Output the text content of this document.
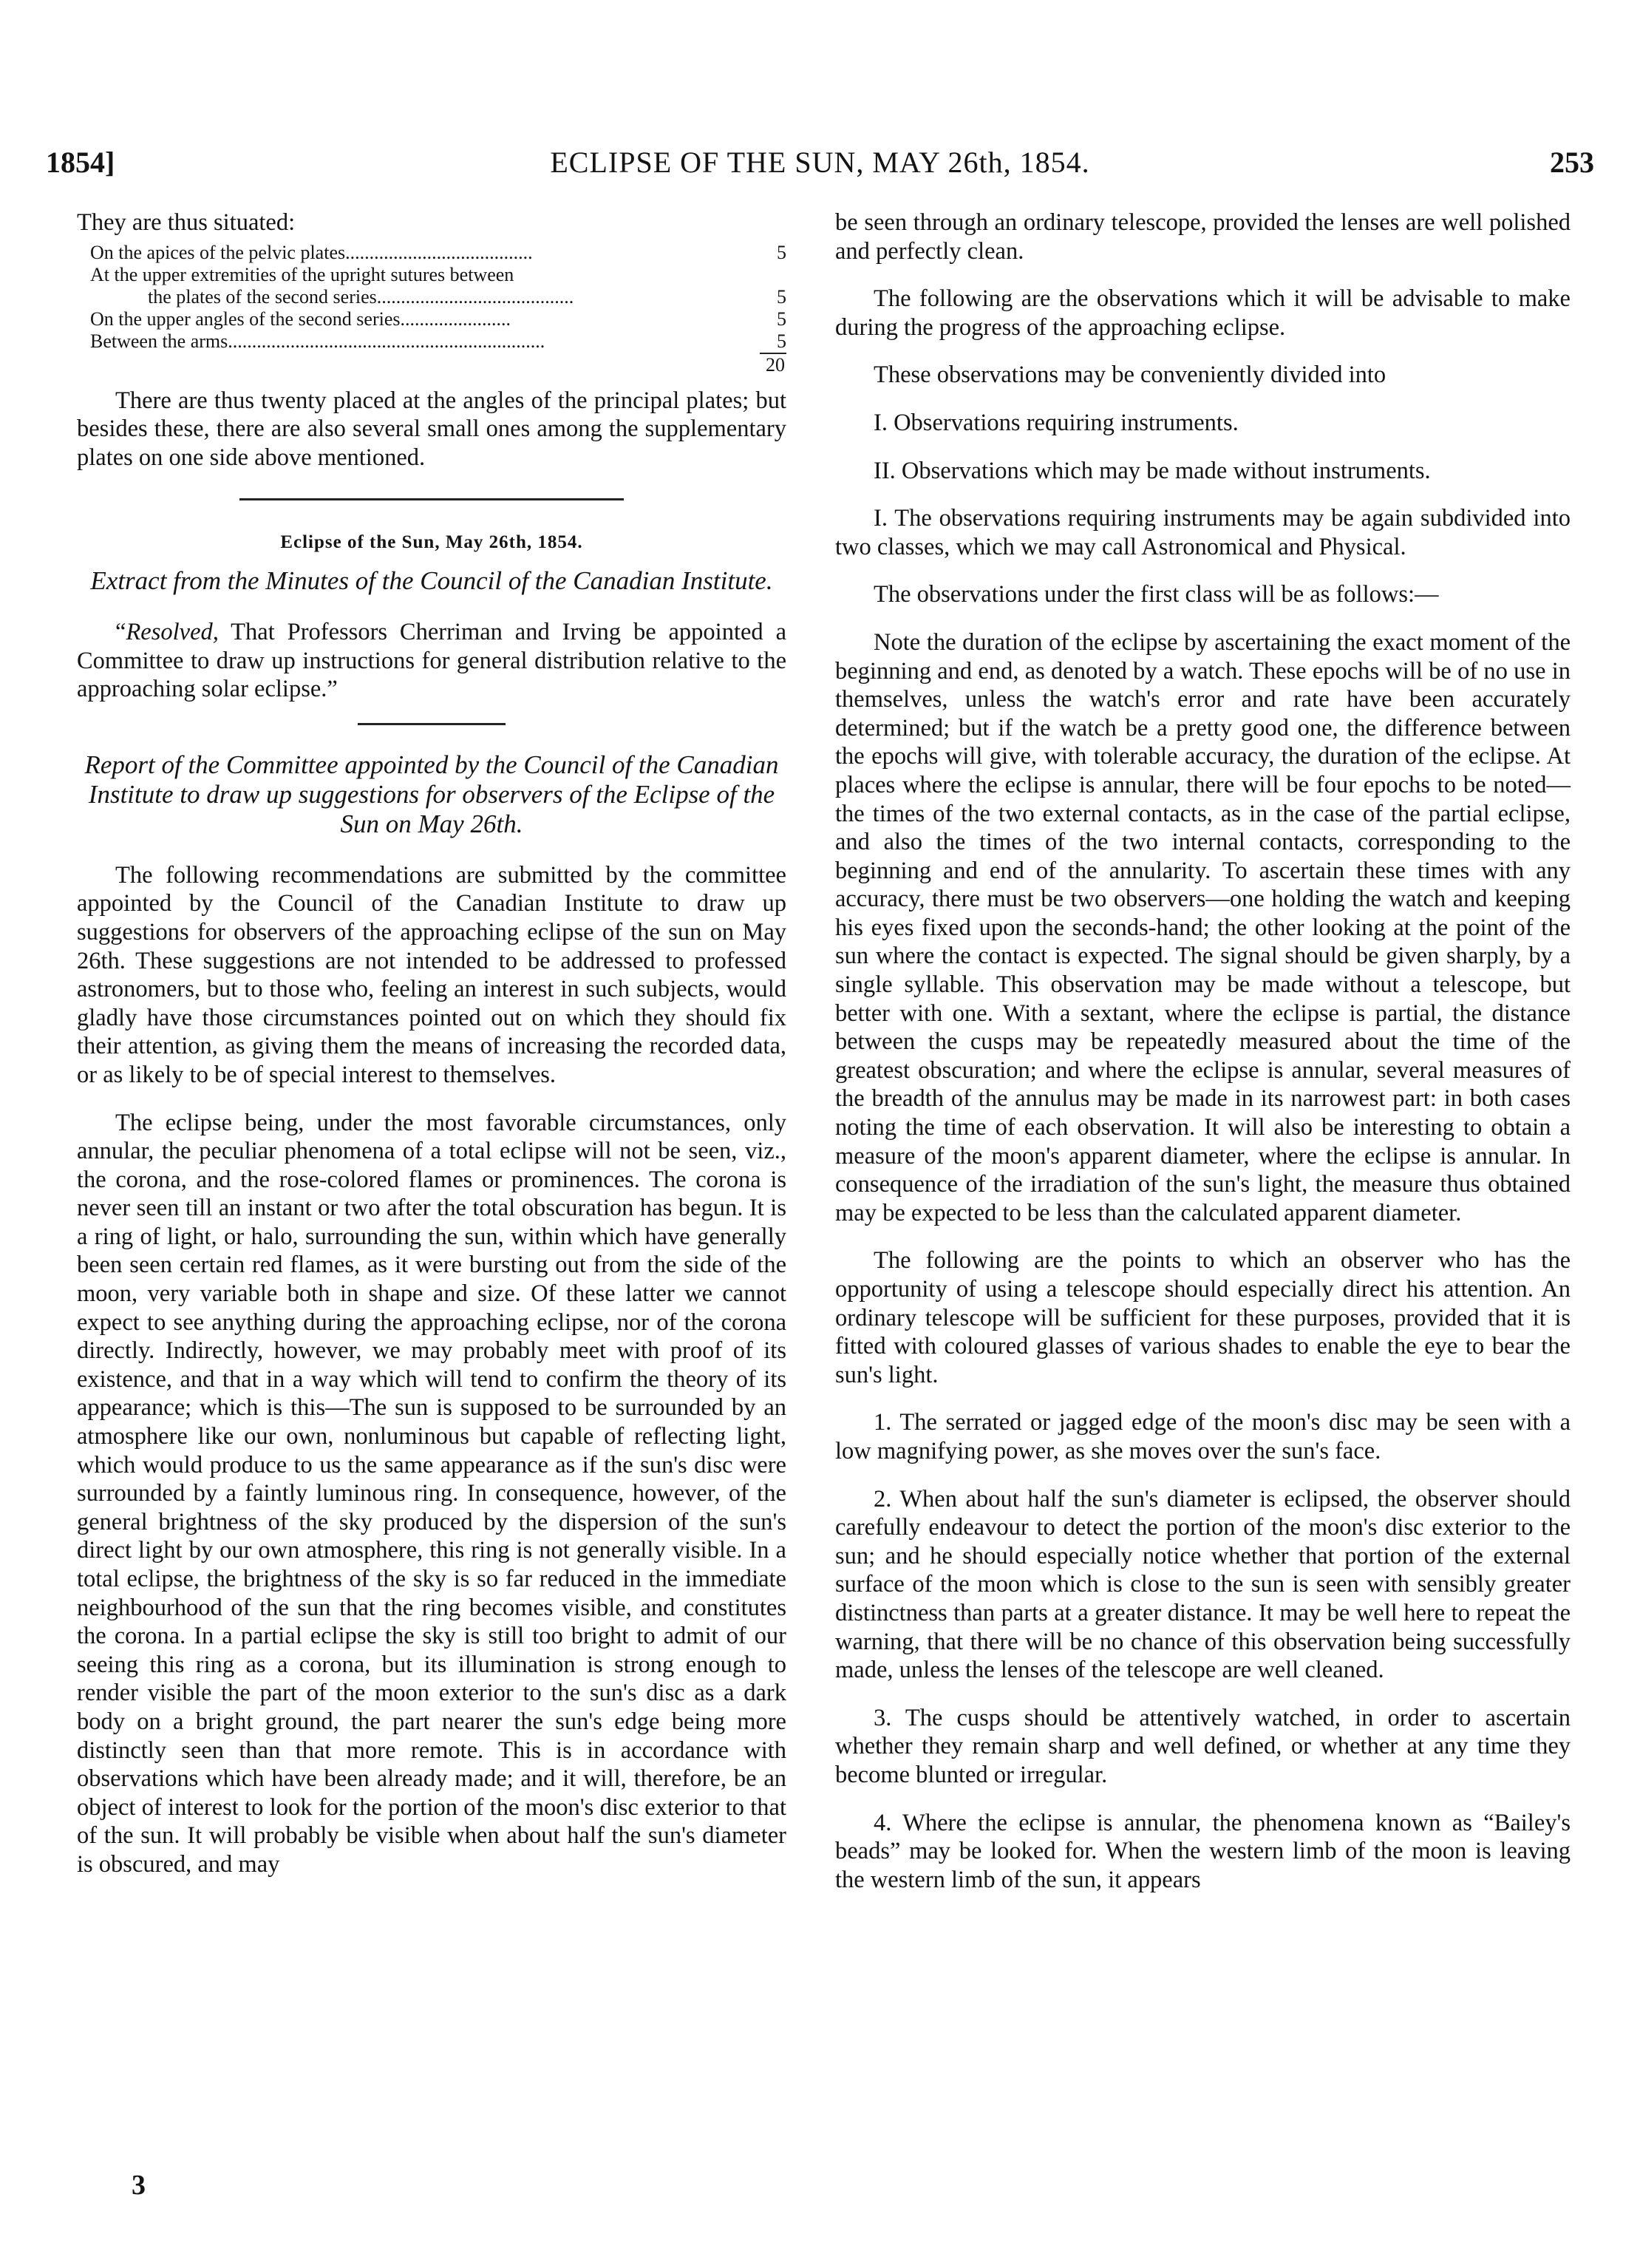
1854]	ECLIPSE OF THE SUN, MAY 26th, 1854.	253
They are thus situated:
On the apices of the pelvic plates.......................................	5
At the upper extremities of the upright sutures between
the plates of the second series.........................................	5
On the upper angles of the second series.......................	5
Between the arms..................................................................	5
20

There are thus twenty placed at the angles of the principal plates; but besides these, there are also several small ones among the supplementary plates on one side above mentioned.

Eclipse of the Sun, May 26th, 1854.
Extract from the Minutes of the Council of the Canadian Institute.

“Resolved, That Professors Cherriman and Irving be appointed a Committee to draw up instructions for general distribution relative to the approaching solar eclipse.”

Report of the Committee appointed by the Council of the Canadian Institute to draw up suggestions for observers of the Eclipse of the Sun on May 26th.

The following recommendations are submitted by the committee appointed by the Council of the Canadian Institute to draw up suggestions for observers of the approaching eclipse of the sun on May 26th. These suggestions are not intended to be addressed to professed astronomers, but to those who, feeling an interest in such subjects, would gladly have those circumstances pointed out on which they should fix their attention, as giving them the means of increasing the recorded data, or as likely to be of special interest to themselves.

The eclipse being, under the most favorable circumstances, only annular, the peculiar phenomena of a total eclipse will not be seen, viz., the corona, and the rose-colored flames or prominences. The corona is never seen till an instant or two after the total obscuration has begun. It is a ring of light, or halo, surrounding the sun, within which have generally been seen certain red flames, as it were bursting out from the side of the moon, very variable both in shape and size. Of these latter we cannot expect to see anything during the approaching eclipse, nor of the corona directly. Indirectly, however, we may probably meet with proof of its existence, and that in a way which will tend to confirm the theory of its appearance; which is this—The sun is supposed to be surrounded by an atmosphere like our own, nonluminous but capable of reflecting light, which would produce to us the same appearance as if the sun's disc were surrounded by a faintly luminous ring. In consequence, however, of the general brightness of the sky produced by the dispersion of the sun's direct light by our own atmosphere, this ring is not generally visible. In a total eclipse, the brightness of the sky is so far reduced in the immediate neighbourhood of the sun that the ring becomes visible, and constitutes the corona. In a partial eclipse the sky is still too bright to admit of our seeing this ring as a corona, but its illumination is strong enough to render visible the part of the moon exterior to the sun's disc as a dark body on a bright ground, the part nearer the sun's edge being more distinctly seen than that more remote. This is in accordance with observations which have been already made; and it will, therefore, be an object of interest to look for the portion of the moon's disc exterior to that of the sun. It will probably be visible when about half the sun's diameter is obscured, and may

be seen through an ordinary telescope, provided the lenses are well polished and perfectly clean.

The following are the observations which it will be advisable to make during the progress of the approaching eclipse.

These observations may be conveniently divided into

I. Observations requiring instruments.

II. Observations which may be made without instruments.

I. The observations requiring instruments may be again subdivided into two classes, which we may call Astronomical and Physical.

The observations under the first class will be as follows:—

Note the duration of the eclipse by ascertaining the exact moment of the beginning and end, as denoted by a watch. These epochs will be of no use in themselves, unless the watch's error and rate have been accurately determined; but if the watch be a pretty good one, the difference between the epochs will give, with tolerable accuracy, the duration of the eclipse. At places where the eclipse is annular, there will be four epochs to be noted—the times of the two external contacts, as in the case of the partial eclipse, and also the times of the two internal contacts, corresponding to the beginning and end of the annularity. To ascertain these times with any accuracy, there must be two observers—one holding the watch and keeping his eyes fixed upon the seconds-hand; the other looking at the point of the sun where the contact is expected. The signal should be given sharply, by a single syllable. This observation may be made without a telescope, but better with one. With a sextant, where the eclipse is partial, the distance between the cusps may be repeatedly measured about the time of the greatest obscuration; and where the eclipse is annular, several measures of the breadth of the annulus may be made in its narrowest part: in both cases noting the time of each observation. It will also be interesting to obtain a measure of the moon's apparent diameter, where the eclipse is annular. In consequence of the irradiation of the sun's light, the measure thus obtained may be expected to be less than the calculated apparent diameter.

The following are the points to which an observer who has the opportunity of using a telescope should especially direct his attention. An ordinary telescope will be sufficient for these purposes, provided that it is fitted with coloured glasses of various shades to enable the eye to bear the sun's light.

1. The serrated or jagged edge of the moon's disc may be seen with a low magnifying power, as she moves over the sun's face.

2. When about half the sun's diameter is eclipsed, the observer should carefully endeavour to detect the portion of the moon's disc exterior to the sun; and he should especially notice whether that portion of the external surface of the moon which is close to the sun is seen with sensibly greater distinctness than parts at a greater distance. It may be well here to repeat the warning, that there will be no chance of this observation being successfully made, unless the lenses of the telescope are well cleaned.

3. The cusps should be attentively watched, in order to ascertain whether they remain sharp and well defined, or whether at any time they become blunted or irregular.

4. Where the eclipse is annular, the phenomena known as “Bailey's beads” may be looked for. When the western limb of the moon is leaving the western limb of the sun, it appears

3
